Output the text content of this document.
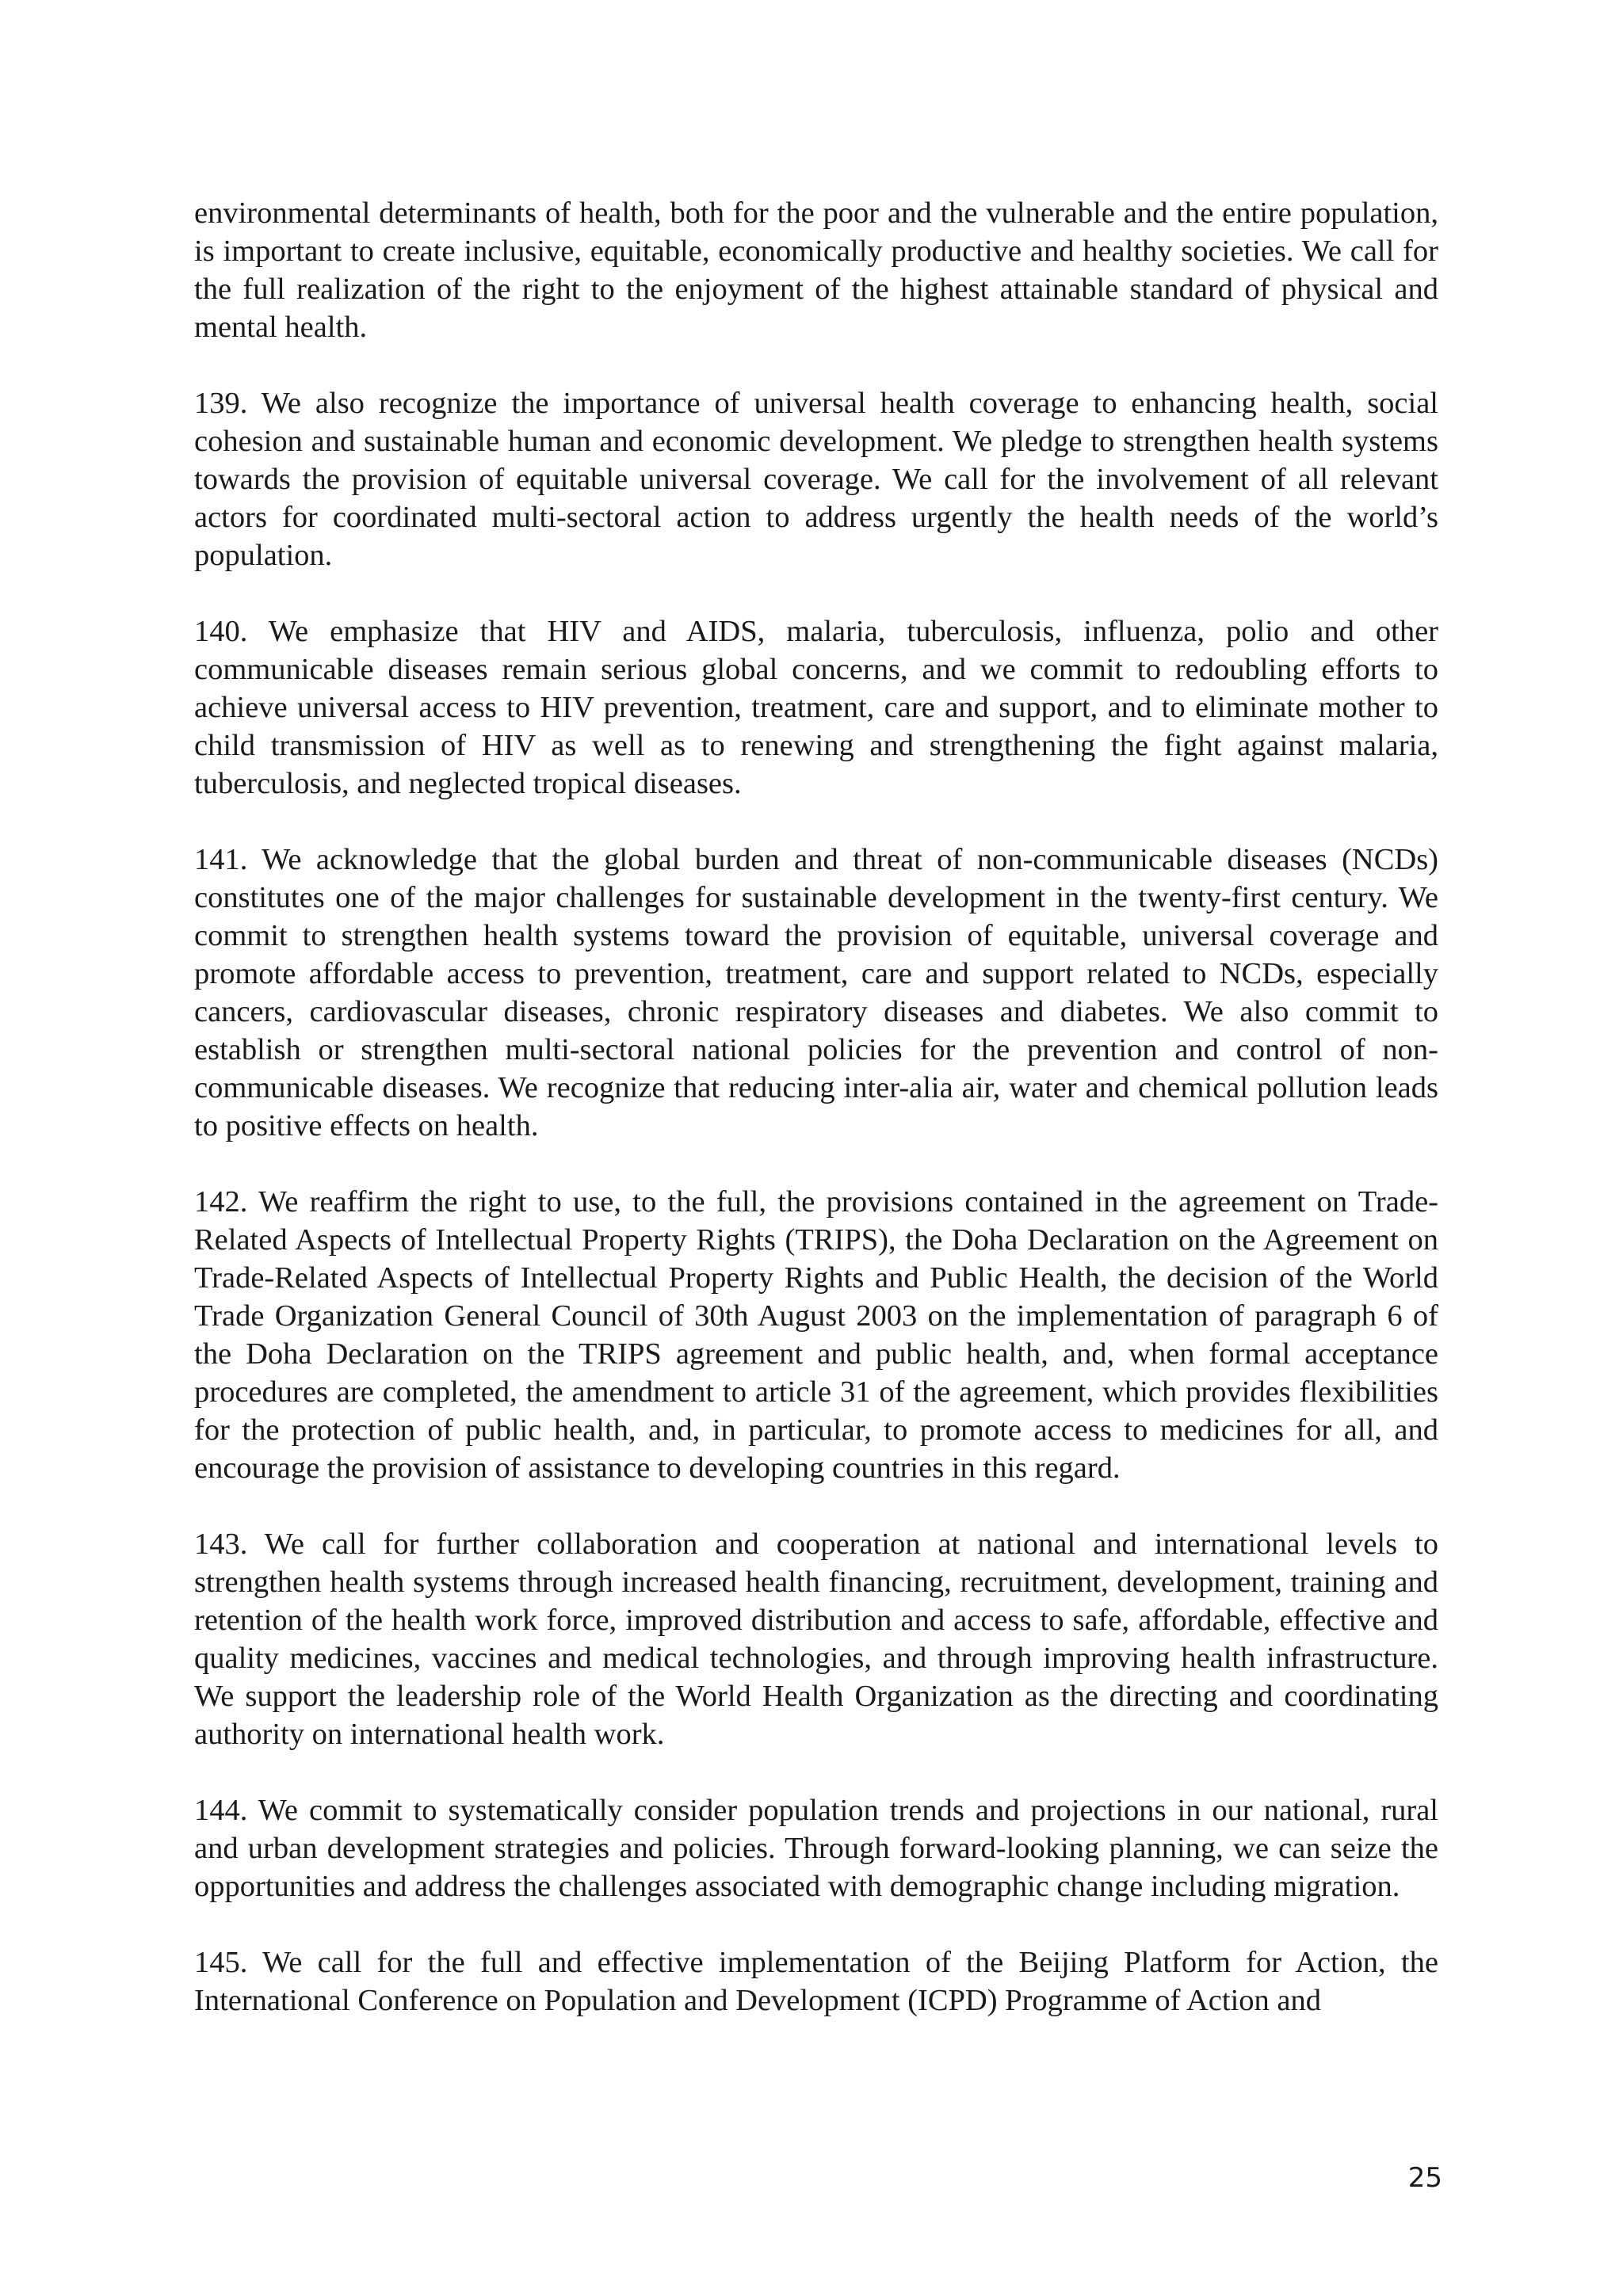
environmental determinants of health, both for the poor and the vulnerable and the entire population, is important to create inclusive, equitable, economically productive and healthy societies. We call for the full realization of the right to the enjoyment of the highest attainable standard of physical and mental health.

139. We also recognize the importance of universal health coverage to enhancing health, social cohesion and sustainable human and economic development. We pledge to strengthen health systems towards the provision of equitable universal coverage. We call for the involvement of all relevant actors for coordinated multi-sectoral action to address urgently the health needs of the world’s population.

140. We emphasize that HIV and AIDS, malaria, tuberculosis, influenza, polio and other communicable diseases remain serious global concerns, and we commit to redoubling efforts to achieve universal access to HIV prevention, treatment, care and support, and to eliminate mother to child transmission of HIV as well as to renewing and strengthening the fight against malaria, tuberculosis, and neglected tropical diseases.

141. We acknowledge that the global burden and threat of non-communicable diseases (NCDs) constitutes one of the major challenges for sustainable development in the twenty-first century. We commit to strengthen health systems toward the provision of equitable, universal coverage and promote affordable access to prevention, treatment, care and support related to NCDs, especially cancers, cardiovascular diseases, chronic respiratory diseases and diabetes. We also commit to establish or strengthen multi-sectoral national policies for the prevention and control of non-communicable diseases. We recognize that reducing inter-alia air, water and chemical pollution leads to positive effects on health.

142. We reaffirm the right to use, to the full, the provisions contained in the agreement on Trade-Related Aspects of Intellectual Property Rights (TRIPS), the Doha Declaration on the Agreement on Trade-Related Aspects of Intellectual Property Rights and Public Health, the decision of the World Trade Organization General Council of 30th August 2003 on the implementation of paragraph 6 of the Doha Declaration on the TRIPS agreement and public health, and, when formal acceptance procedures are completed, the amendment to article 31 of the agreement, which provides flexibilities for the protection of public health, and, in particular, to promote access to medicines for all, and encourage the provision of assistance to developing countries in this regard.

143. We call for further collaboration and cooperation at national and international levels to strengthen health systems through increased health financing, recruitment, development, training and retention of the health work force, improved distribution and access to safe, affordable, effective and quality medicines, vaccines and medical technologies, and through improving health infrastructure. We support the leadership role of the World Health Organization as the directing and coordinating authority on international health work.

144. We commit to systematically consider population trends and projections in our national, rural and urban development strategies and policies. Through forward-looking planning, we can seize the opportunities and address the challenges associated with demographic change including migration.

145. We call for the full and effective implementation of the Beijing Platform for Action, the International Conference on Population and Development (ICPD) Programme of Action and

25
